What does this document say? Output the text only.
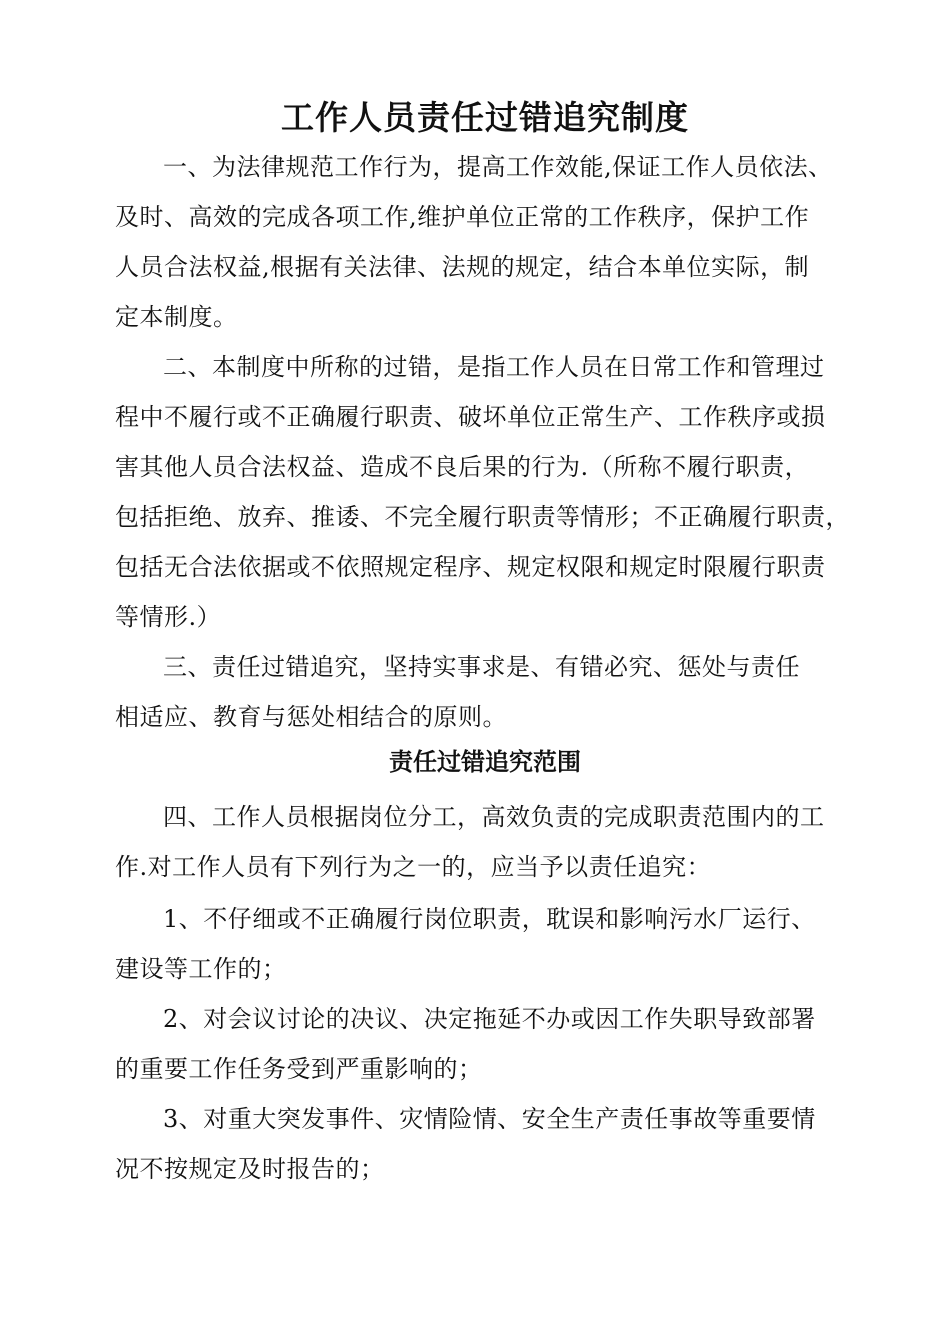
工作人员责任过错追究制度
一、为法律规范工作行为，提高工作效能,保证工作人员依法、
及时、高效的完成各项工作,维护单位正常的工作秩序，保护工作
人员合法权益,根据有关法律、法规的规定，结合本单位实际，制
定本制度。
二、本制度中所称的过错，是指工作人员在日常工作和管理过
程中不履行或不正确履行职责、破坏单位正常生产、工作秩序或损
害其他人员合法权益、造成不良后果的行为.（所称不履行职责，
包括拒绝、放弃、推诿、不完全履行职责等情形；不正确履行职责，
包括无合法依据或不依照规定程序、规定权限和规定时限履行职责
等情形.）
三、责任过错追究，坚持实事求是、有错必究、惩处与责任
相适应、教育与惩处相结合的原则。
责任过错追究范围
四、工作人员根据岗位分工，高效负责的完成职责范围内的工
作.对工作人员有下列行为之一的，应当予以责任追究：
1、不仔细或不正确履行岗位职责，耽误和影响污水厂运行、
建设等工作的；
2、对会议讨论的决议、决定拖延不办或因工作失职导致部署
的重要工作任务受到严重影响的；
3、对重大突发事件、灾情险情、安全生产责任事故等重要情
况不按规定及时报告的；
